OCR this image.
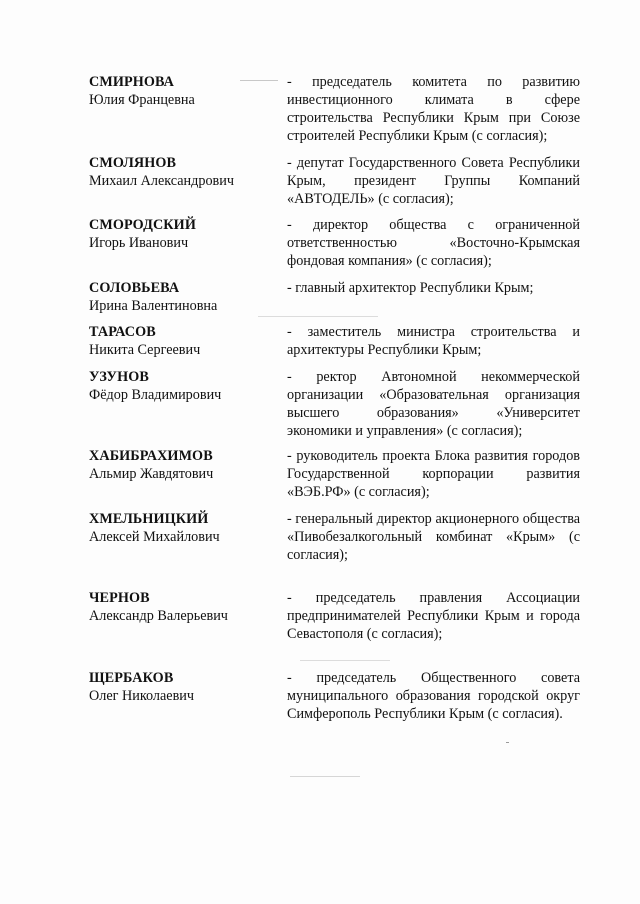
СМИРНОВА
Юлия Францевна
- председатель комитета по развитию инвестиционного климата в сфере строительства Республики Крым при Союзе строителей Республики Крым (с согласия);
СМОЛЯНОВ
Михаил Александрович
- депутат Государственного Совета Республики Крым, президент Группы Компаний «АВТОДЕЛЬ» (с согласия);
СМОРОДСКИЙ
Игорь Иванович
- директор общества с ограниченной ответственностью «Восточно-Крымская фондовая компания» (с согласия);
СОЛОВЬЕВА
Ирина Валентиновна
- главный архитектор Республики Крым;
ТАРАСОВ
Никита Сергеевич
- заместитель министра строительства и архитектуры Республики Крым;
УЗУНОВ
Фёдор Владимирович
- ректор Автономной некоммерческой организации «Образовательная организация высшего образования» «Университет экономики и управления» (с согласия);
ХАБИБРАХИМОВ
Альмир Жавдятович
- руководитель проекта Блока развития городов Государственной корпорации развития «ВЭБ.РФ» (с согласия);
ХМЕЛЬНИЦКИЙ
Алексей Михайлович
- генеральный директор акционерного общества «Пивобезалкогольный комбинат «Крым» (с согласия);
ЧЕРНОВ
Александр Валерьевич
- председатель правления Ассоциации предпринимателей Республики Крым и города Севастополя (с согласия);
ЩЕРБАКОВ
Олег Николаевич
- председатель Общественного совета муниципального образования городской округ Симферополь Республики Крым (с согласия).
